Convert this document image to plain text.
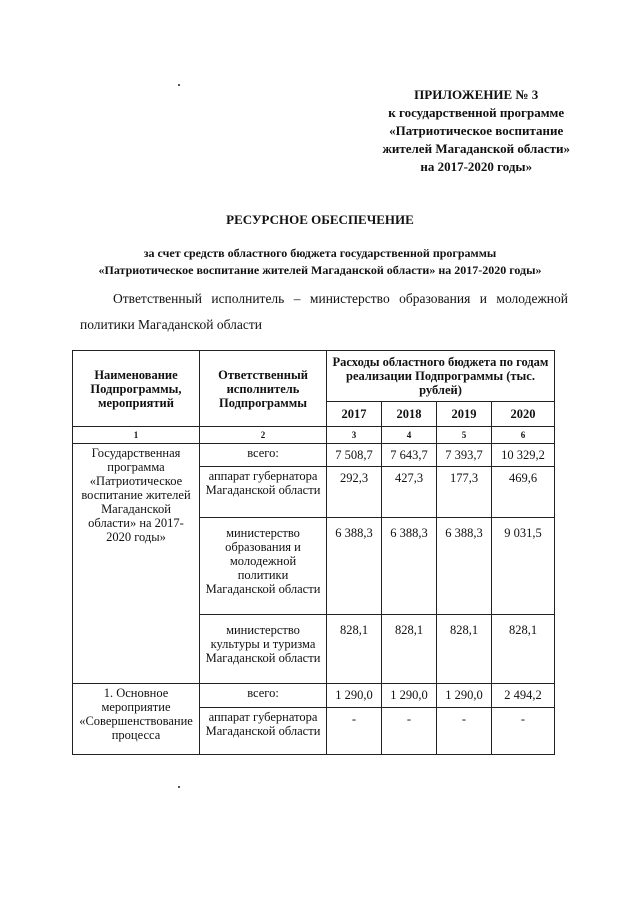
ПРИЛОЖЕНИЕ № 3
к государственной программе
«Патриотическое воспитание
жителей Магаданской области»
на 2017-2020 годы»
РЕСУРСНОЕ ОБЕСПЕЧЕНИЕ
за счет средств областного бюджета государственной программы
«Патриотическое воспитание жителей Магаданской области» на 2017-2020 годы»
Ответственный исполнитель – министерство образования и молодежной
политики Магаданской области
Наименование Подпрограммы, мероприятий	Ответственный исполнитель Подпрограммы	Расходы областного бюджета по годам реализации Подпрограммы (тыс. рублей)			
		2017	2018	2019	2020
1	2	3	4	5	6
Государственная программа «Патриотическое воспитание жителей Магаданской области» на 2017-2020 годы»	всего:	7 508,7	7 643,7	7 393,7	10 329,2
	аппарат губернатора Магаданской области	292,3	427,3	177,3	469,6
	министерство образования и молодежной политики Магаданской области	6 388,3	6 388,3	6 388,3	9 031,5
	министерство культуры и туризма Магаданской области	828,1	828,1	828,1	828,1
1. Основное мероприятие «Совершенствование процесса	всего:	1 290,0	1 290,0	1 290,0	2 494,2
	аппарат губернатора Магаданской области	-	-	-	-
